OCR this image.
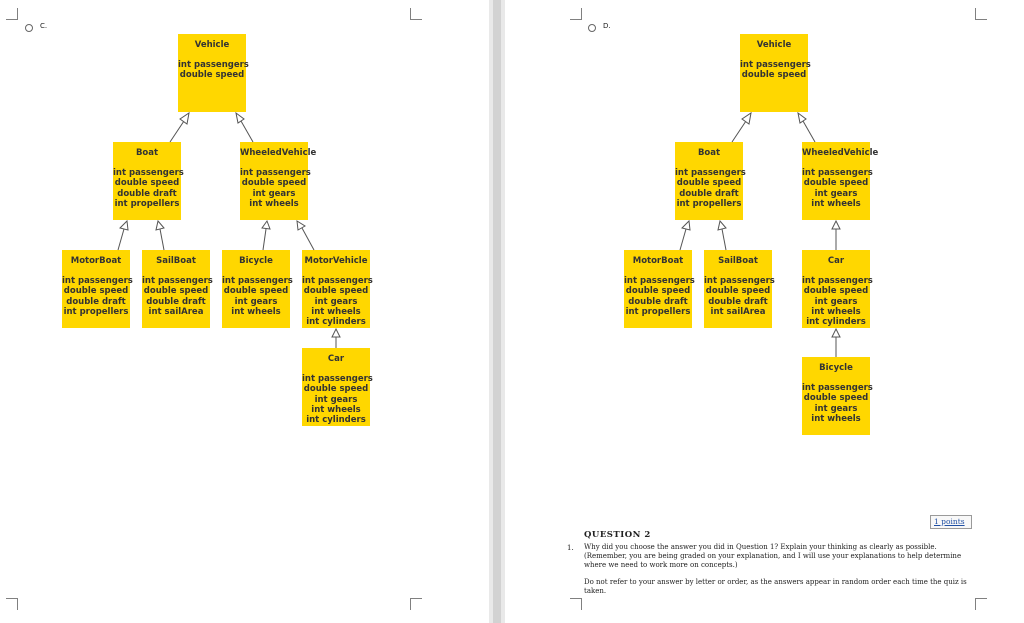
C.
Vehicle
int passengers
double speed
Boat
int passengers
double speed
double draft
int propellers
WheeledVehicle
int passengers
double speed
int gears
int wheels
MotorBoat
int passengers
double speed
double draft
int propellers
SailBoat
int passengers
double speed
double draft
int sailArea
Bicycle
int passengers
double speed
int gears
int wheels
MotorVehicle
int passengers
double speed
int gears
int wheels
int cylinders
Car
int passengers
double speed
int gears
int wheels
int cylinders
D.
Vehicle
int passengers
double speed
Boat
int passengers
double speed
double draft
int propellers
WheeledVehicle
int passengers
double speed
int gears
int wheels
MotorBoat
int passengers
double speed
double draft
int propellers
SailBoat
int passengers
double speed
double draft
int sailArea
Car
int passengers
double speed
int gears
int wheels
int cylinders
Bicycle
int passengers
double speed
int gears
int wheels
1 points
QUESTION 2
1. Why did you choose the answer you did in Question 1? Explain your thinking as clearly as possible. (Remember, you are being graded on your explanation, and I will use your explanations to help determine where we need to work more on concepts.)
Do not refer to your answer by letter or order, as the answers appear in random order each time the quiz is taken.
